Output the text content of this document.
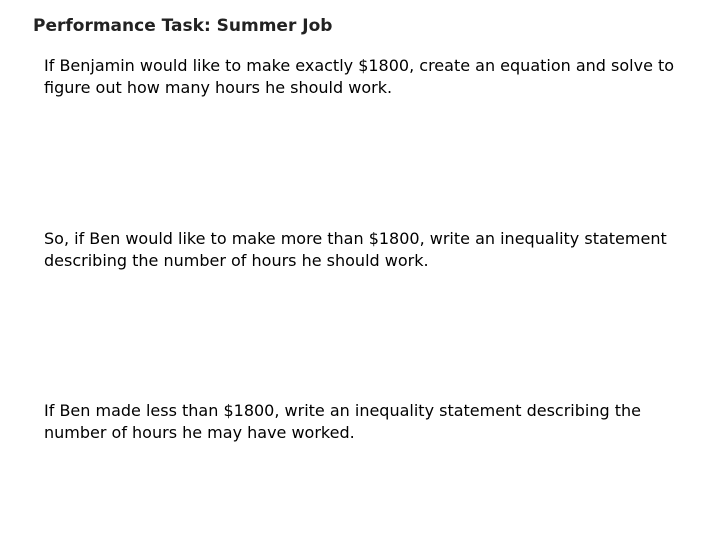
Performance Task: Summer Job
If Benjamin would like to make exactly $1800, create an equation and solve to figure out how many hours he should work.
So, if Ben would like to make more than $1800, write an inequality statement describing the number of hours he should work.
If Ben made less than $1800, write an inequality statement describing the number of hours he may have worked.
